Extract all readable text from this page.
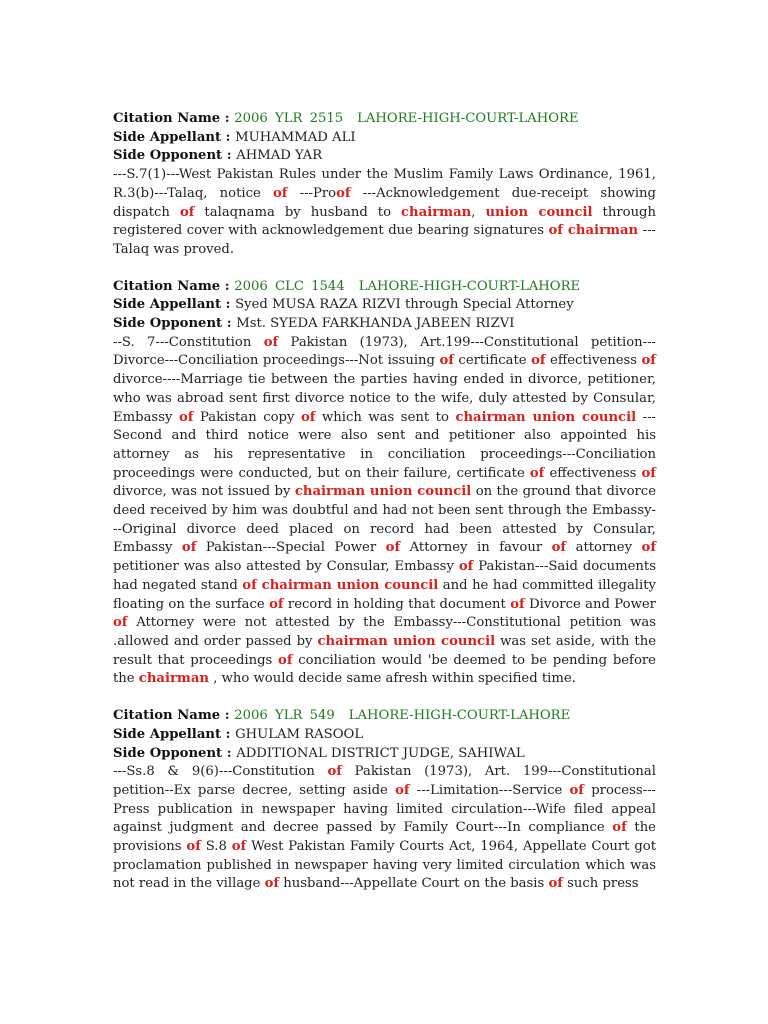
Citation Name : 2006 YLR 2515 LAHORE-HIGH-COURT-LAHORE
Side Appellant : MUHAMMAD ALI
Side Opponent : AHMAD YAR
---S.7(1)---West Pakistan Rules under the Muslim Family Laws Ordinance, 1961, R.3(b)---Talaq, notice of ---Proof ---Acknowledgement due-receipt showing dispatch of talaqnama by husband to chairman, union council through registered cover with acknowledgement due bearing signatures of chairman ---Talaq was proved.
Citation Name : 2006 CLC 1544 LAHORE-HIGH-COURT-LAHORE
Side Appellant : Syed MUSA RAZA RIZVI through Special Attorney
Side Opponent : Mst. SYEDA FARKHANDA JABEEN RIZVI
--S. 7---Constitution of Pakistan (1973), Art.199---Constitutional petition---Divorce---Conciliation proceedings---Not issuing of certificate of effectiveness of divorce----Marriage tie between the parties having ended in divorce, petitioner, who was abroad sent first divorce notice to the wife, duly attested by Consular, Embassy of Pakistan copy of which was sent to chairman union council ---Second and third notice were also sent and petitioner also appointed his attorney as his representative in conciliation proceedings---Conciliation proceedings were conducted, but on their failure, certificate of effectiveness of divorce, was not issued by chairman union council on the ground that divorce deed received by him was doubtful and had not been sent through the Embassy---Original divorce deed placed on record had been attested by Consular, Embassy of Pakistan---Special Power of Attorney in favour of attorney of petitioner was also attested by Consular, Embassy of Pakistan---Said documents had negated stand of chairman union council and he had committed illegality floating on the surface of record in holding that document of Divorce and Power of Attorney were not attested by the Embassy---Constitutional petition was .allowed and order passed by chairman union council was set aside, with the result that proceedings of conciliation would 'be deemed to be pending before the chairman , who would decide same afresh within specified time.
Citation Name : 2006 YLR 549 LAHORE-HIGH-COURT-LAHORE
Side Appellant : GHULAM RASOOL
Side Opponent : ADDITIONAL DISTRICT JUDGE, SAHIWAL
---Ss.8 & 9(6)---Constitution of Pakistan (1973), Art. 199---Constitutional petition--Ex parse decree, setting aside of ---Limitation---Service of process---Press publication in newspaper having limited circulation---Wife filed appeal against judgment and decree passed by Family Court---In compliance of the provisions of S.8 of West Pakistan Family Courts Act, 1964, Appellate Court got proclamation published in newspaper having very limited circulation which was not read in the village of husband---Appellate Court on the basis of such press
